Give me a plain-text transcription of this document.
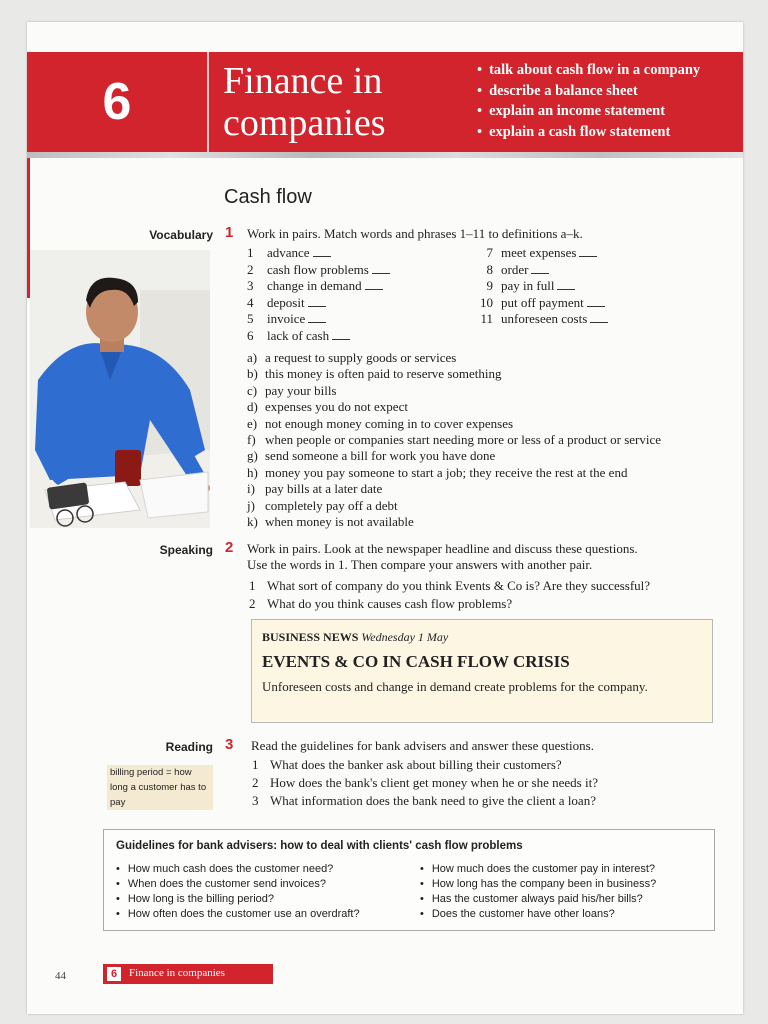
6	Finance in
companies
• talk about cash flow in a company
• describe a balance sheet
• explain an income statement
• explain a cash flow statement
Cash flow
Vocabulary 1 Work in pairs. Match words and phrases 1–11 to definitions a–k.
1 advance
2 cash flow problems
3 change in demand
4 deposit
5 invoice
6 lack of cash
7 meet expenses
8 order
9 pay in full
10 put off payment
11 unforeseen costs
a) a request to supply goods or services
b) this money is often paid to reserve something
c) pay your bills
d) expenses you do not expect
e) not enough money coming in to cover expenses
f) when people or companies start needing more or less of a product or service
g) send someone a bill for work you have done
h) money you pay someone to start a job; they receive the rest at the end
i) pay bills at a later date
j) completely pay off a debt
k) when money is not available
Speaking 2 Work in pairs. Look at the newspaper headline and discuss these questions.
Use the words in 1. Then compare your answers with another pair.
1 What sort of company do you think Events & Co is? Are they successful?
2 What do you think causes cash flow problems?
BUSINESS NEWS Wednesday 1 May
EVENTS & CO IN CASH FLOW CRISIS
Unforeseen costs and change in demand create problems for the company.
Reading 3 Read the guidelines for bank advisers and answer these questions.
billing period = how long a customer has to pay
1 What does the banker ask about billing their customers?
2 How does the bank's client get money when he or she needs it?
3 What information does the bank need to give the client a loan?
Guidelines for bank advisers: how to deal with clients' cash flow problems
• How much cash does the customer need?
• When does the customer send invoices?
• How long is the billing period?
• How often does the customer use an overdraft?
• How much does the customer pay in interest?
• How long has the company been in business?
• Has the customer always paid his/her bills?
• Does the customer have other loans?
44	6	Finance in companies
